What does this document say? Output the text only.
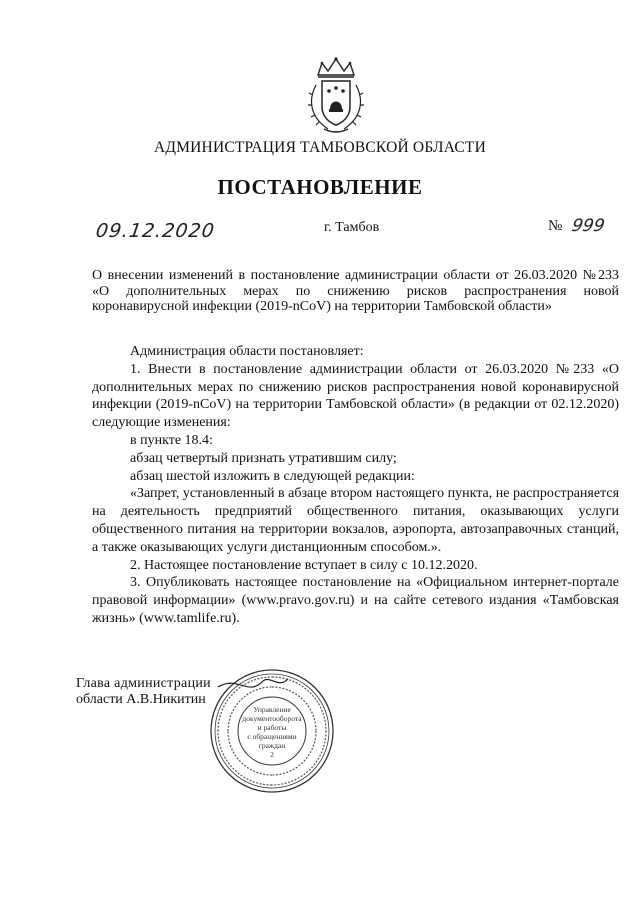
АДМИНИСТРАЦИЯ ТАМБОВСКОЙ ОБЛАСТИ
ПОСТАНОВЛЕНИЕ
09.12.2020	г. Тамбов	№ 999
О внесении изменений в постановление администрации области от 26.03.2020 №233 «О дополнительных мерах по снижению рисков распространения новой коронавирусной инфекции (2019-nCoV) на территории Тамбовской области»

Администрация области постановляет:

1. Внести в постановление администрации области от 26.03.2020 №233 «О дополнительных мерах по снижению рисков распространения новой коронавирусной инфекции (2019-nCoV) на территории Тамбовской области» (в редакции от 02.12.2020) следующие изменения:

в пункте 18.4:

абзац четвертый признать утратившим силу;

абзац шестой изложить в следующей редакции:

«Запрет, установленный в абзаце втором настоящего пункта, не распространяется на деятельность предприятий общественного питания, оказывающих услуги общественного питания на территории вокзалов, аэропорта, автозаправочных станций, а также оказывающих услуги дистанционным способом.».

2. Настоящее постановление вступает в силу с 10.12.2020.

3. Опубликовать настоящее постановление на «Официальном интернет-портале правовой информации» (www.pravo.gov.ru) и на сайте сетевого издания «Тамбовская жизнь» (www.tamlife.ru).

Глава администрации
области А.В.Никитин
Управление
документооборота
и работы
с обращениями
граждан
2
